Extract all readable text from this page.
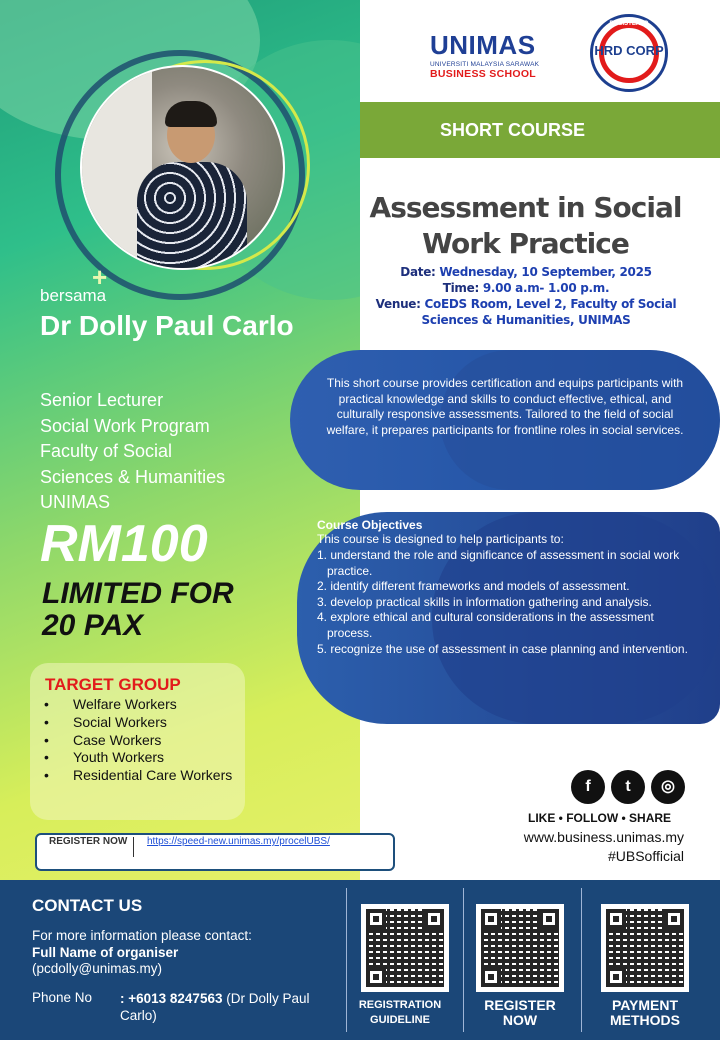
+
bersama
Dr Dolly Paul Carlo
Senior Lecturer
Social Work Program
Faculty of Social
Sciences & Humanities
UNIMAS
RM100
LIMITED FOR
20 PAX
TARGET GROUP
• Welfare Workers
• Social Workers
• Case Workers
• Youth Workers
• Residential Care Workers
REGISTER NOW https://speed-new.unimas.my/procelUBS/
UNIMAS
UNIVERSITI MALAYSIA SARAWAK
BUSINESS SCHOOL
REGISTERED
HRD CORP
SHORT COURSE
Assessment in Social
Work Practice
Date: Wednesday, 10 September, 2025
Time: 9.00 a.m- 1.00 p.m.
Venue: CoEDS Room, Level 2, Faculty of Social Sciences & Humanities, UNIMAS

This short course provides certification and equips participants with practical knowledge and skills to conduct effective, ethical, and culturally responsive assessments. Tailored to the field of social welfare, it prepares participants for frontline roles in social services.

Course Objectives
This course is designed to help participants to:
1. understand the role and significance of assessment in social work practice.
2. identify different frameworks and models of assessment.
3. develop practical skills in information gathering and analysis.
4. explore ethical and cultural considerations in the assessment process.
5. recognize the use of assessment in case planning and intervention.
f	t	◎
LIKE • FOLLOW • SHARE
www.business.unimas.my
#UBSofficial
CONTACT US
For more information please contact:
Full Name of organiser
(pcdolly@unimas.my)
Phone No : +6013 8247563 (Dr Dolly Paul Carlo)
REGISTRATION
GUIDELINE
REGISTER
NOW
PAYMENT
METHODS
